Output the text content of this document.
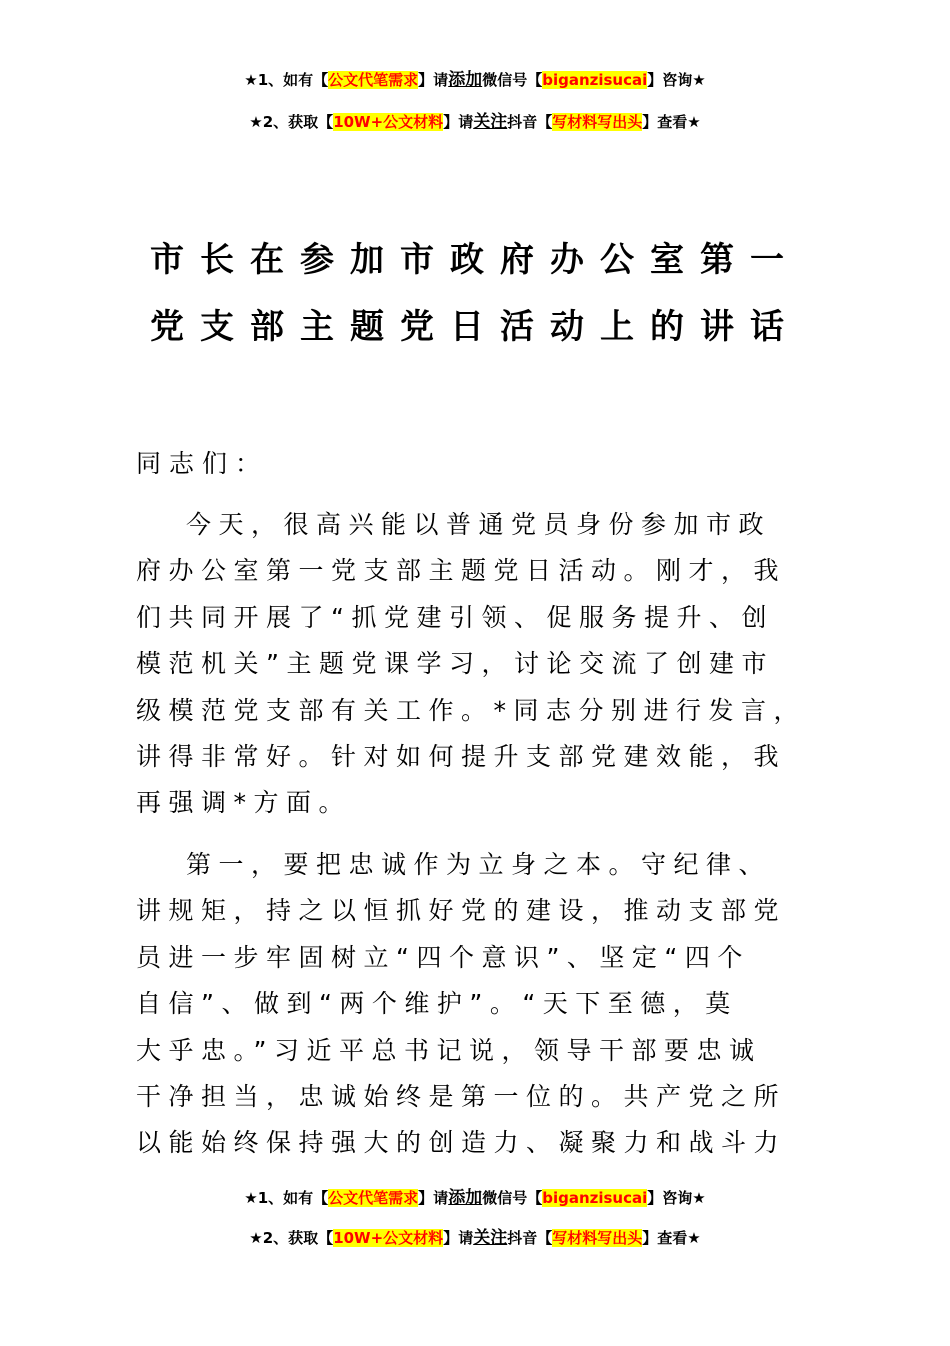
★1、如有【公文代笔需求】请添加微信号【biganzisucai】咨询★
★2、获取【10W+公文材料】请关注抖音【写材料写出头】查看★
市长在参加市政府办公室第一
党支部主题党日活动上的讲话
同志们：
今天，很高兴能以普通党员身份参加市政
府办公室第一党支部主题党日活动。刚才，我
们共同开展了“抓党建引领、促服务提升、创
模范机关”主题党课学习，讨论交流了创建市
级模范党支部有关工作。*同志分别进行发言，
讲得非常好。针对如何提升支部党建效能，我
再强调*方面。
第一，要把忠诚作为立身之本。守纪律、
讲规矩，持之以恒抓好党的建设，推动支部党
员进一步牢固树立“四个意识”、坚定“四个
自信”、做到“两个维护”。“天下至德，莫
大乎忠。”习近平总书记说，领导干部要忠诚
干净担当，忠诚始终是第一位的。共产党之所
以能始终保持强大的创造力、凝聚力和战斗力
★1、如有【公文代笔需求】请添加微信号【biganzisucai】咨询★
★2、获取【10W+公文材料】请关注抖音【写材料写出头】查看★
